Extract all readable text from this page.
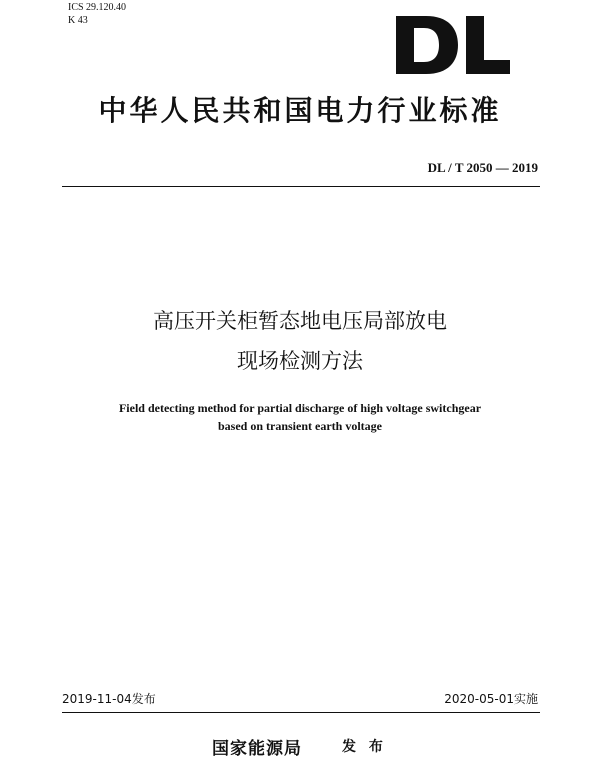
ICS 29.120.40
K 43
中华人民共和国电力行业标准
DL / T 2050 — 2019
高压开关柜暂态地电压局部放电
现场检测方法
Field detecting method for partial discharge of high voltage switchgear
based on transient earth voltage
2019-11-04发布	2020-05-01实施
国家能源局	发 布
